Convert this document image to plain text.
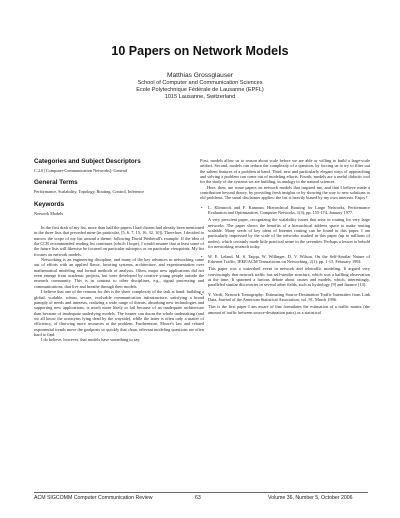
10 Papers on Network Models
Matthias Grossglauser
School of Computer and Communication Sciences
Ecole Polytechnique Fédérale de Lausanne (EPFL)
1015 Lausanne, Switzerland
Categories and Subject Descriptors

C.2.0 [Computer-Communication Networks]: General

General Terms

Performance, Scalability, Topology, Routing, Control, Inference

Keywords

Network Models

In the first draft of my list, more than half the papers I had chosen had already been mentioned in the three lists that preceded mine (in particular, [5, 6, 7, 15, 16, 32, 10]). Therefore, I decided to narrow the scope of my list around a theme, following David Wetherall's example. If the idea of the CCR recommended reading list continues (which I hope), I would assume that at least some of the future lists will likewise be focused on particular subtopics or on particular viewpoints. My list focuses on network models.

Networking is an engineering discipline, and many of the key advances in networking came out of efforts with an applied flavor, favoring systems, architecture, and experimentation over mathematical modeling and formal methods of analysis. Often, major new applications did not even emerge from academic projects, but were developed by creative young people outside the research community. This is in contrast to other disciplines, e.g., signal processing and communications, that live and breathe through their models.

I believe that one of the reasons for this is the sheer complexity of the task at hand: building a global, scalable, robust, secure, evolvable communication infrastructure, satisfying a broad panoply of needs and interests, realizing a wide range of threats, absorbing new technologies and supporting new applications, is much more likely to fail because of an inadequate architecture than because of inadequate underlying models. The former can doom the whole undertaking (and we all know the acronyms lying dead by the wayside), while the latter is often only a matter of efficiency, of throwing more resources at the problem. Furthermore, Moore's law and related exponential trends move the goalposts so quickly that clean, relevant modeling questions are often hard to find.

I do believe, however, that models have something to say.

First, models allow us to reason about scale before we are able or willing to build a large-scale artifact. Second, models can reduce the complexity of a question, by forcing us to try to filter out the salient features of a problem at hand. Third, new and particularly elegant ways of approaching and solving a problem can come out of modeling efforts. Fourth, models are a useful didactic tool for the study of the systems we are building, in analogy to the natural sciences.

Here, then, are some papers on network models that inspired me, and that I believe made a contribution beyond theory, by providing fresh insights or by showing the way to new solutions to old problems. The usual disclaimer applies: the list is heavily biased by my own interests. Enjoy!

• L. Kleinrock and F. Kamoun, Hierarchical Routing for Large Networks, Performance Evaluation and Optimization, Computer Networks, 1(3), pp. 155-174, January 1977.

A very prescient paper, recognizing the scalability issues that arise in routing for very large networks. The paper shows the benefits of a hierarchical address space to make routing scalable. Many seeds of key ideas of Internet routing can be found in this paper. I am particularly impressed by the scale of the networks studied in this paper (up to millions of nodes), which certainly made little practical sense in the seventies. Perhaps a lesson to behold for networking research today.

• W. E. Leland, M. S. Taqqu, W. Willinger, D. V. Wilson, On the Self-Similar Nature of Ethernet Traffic, IEEE/ACM Transactions on Networking, 2(1), pp. 1-15, February 1994.

This paper was a watershed event in network and teletraffic modeling. It argued very convincingly that network traffic has self-similar structure, which was a baffling observation at the time. It spawned a furious debate about causes and models, which, interestingly, paralleled similar discoveries in several other fields, such as hydrology [9] and finance [13].

• Y. Vardi, Network Tomography: Estimating Source-Destination Traffic Intensities from Link Data, Journal of the American Statistical Association, vol. 91, March 1996.

This is the first paper I am aware of that formulates the estimation of a traffic matrix (the amount of traffic between source-destination pairs) as a statistical

ACM SIGCOMM Computer Communication Review	63	Volume 36, Number 5, October 2006
